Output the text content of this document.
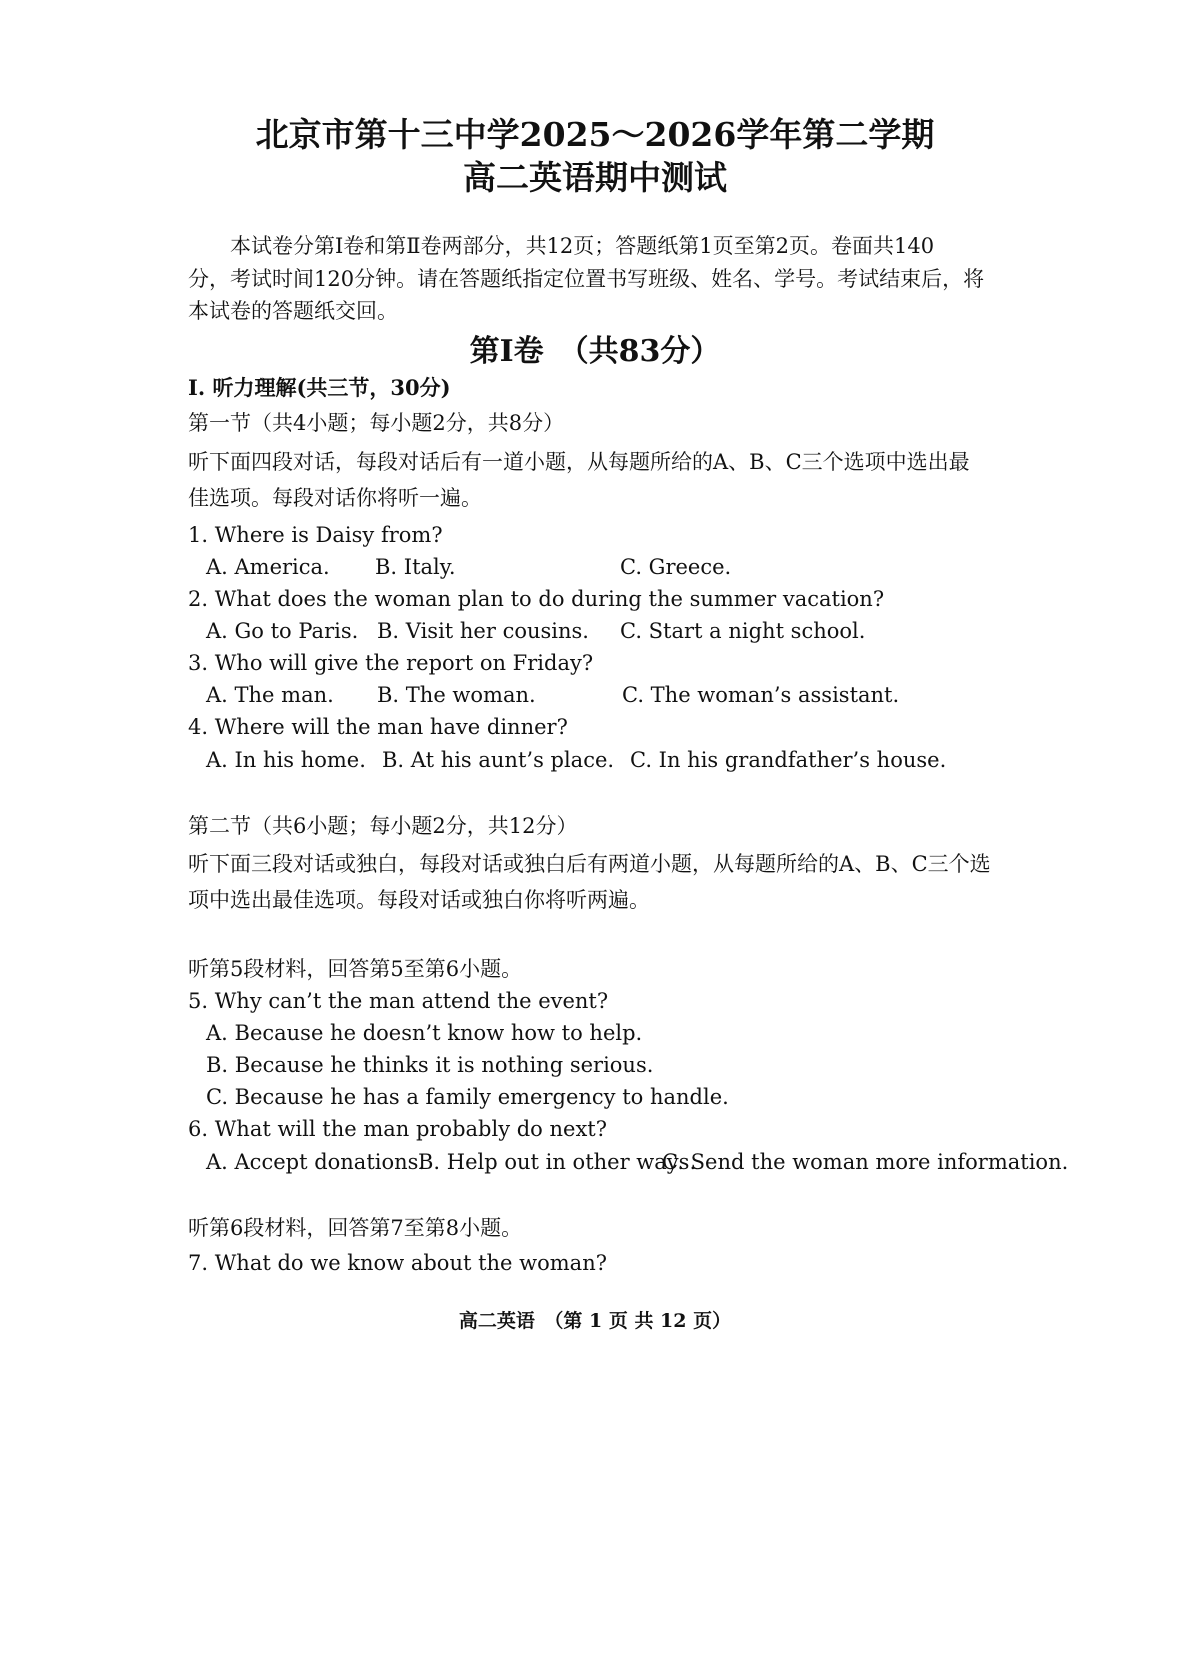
北京市第十三中学2025～2026学年第二学期
高二英语期中测试
本试卷分第Ⅰ卷和第Ⅱ卷两部分，共12页；答题纸第1页至第2页。卷面共140
分，考试时间120分钟。请在答题纸指定位置书写班级、姓名、学号。考试结束后，将
本试卷的答题纸交回。
第Ⅰ卷　（共83分）
Ⅰ. 听力理解(共三节，30分)
第一节（共4小题；每小题2分，共8分）
听下面四段对话，每段对话后有一道小题，从每题所给的A、B、C三个选项中选出最
佳选项。每段对话你将听一遍。
1. Where is Daisy from?
A. America. B. Italy.	C. Greece.
2. What does the woman plan to do during the summer vacation?
A. Go to Paris. B. Visit her cousins. C. Start a night school.
3. Who will give the report on Friday?
A. The man. B. The woman.	C. The woman’s assistant.
4. Where will the man have dinner?
A. In his home. B. At his aunt’s place. C. In his grandfather’s house.
第二节（共6小题；每小题2分，共12分）
听下面三段对话或独白，每段对话或独白后有两道小题，从每题所给的A、B、C三个选
项中选出最佳选项。每段对话或独白你将听两遍。
听第5段材料，回答第5至第6小题。
5. Why can’t the man attend the event?
A. Because he doesn’t know how to help.
B. Because he thinks it is nothing serious.
C. Because he has a family emergency to handle.
6. What will the man probably do next?
A. Accept donations.
B. Help out in other ways.
C. Send the woman more information.
听第6段材料，回答第7至第8小题。
7. What do we know about the woman?
高二英语　（第 1 页 共 12 页）
